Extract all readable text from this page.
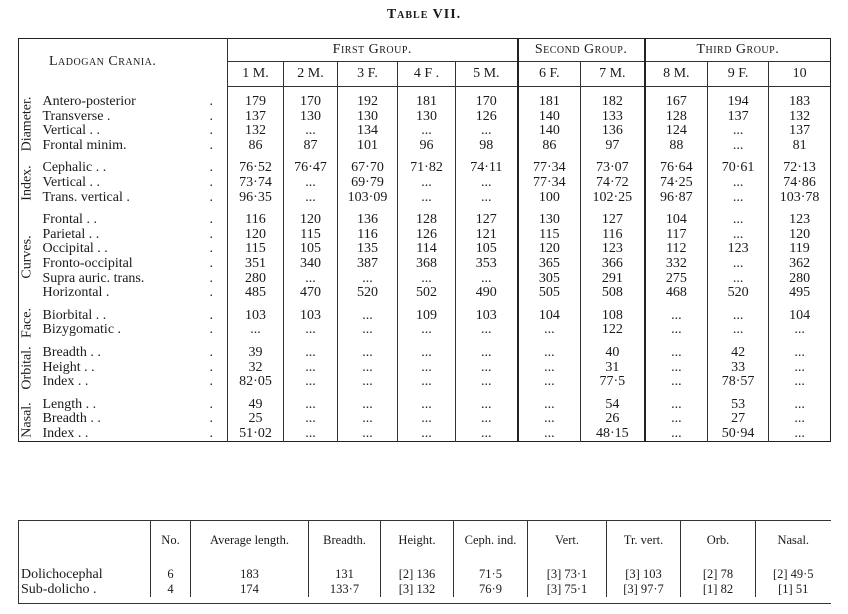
Table VII.
Ladogan Crania.		First Group.					Second Group.		Third Group.		
		1 M.	2 M.	3 F.	4 F .	5 M.	6 F.	7 M.	8 M.	9 F.	10

Diameter.	Antero-posterior .	179	170	192	181	170	181	182	167	194	183
	Transverse . .	137	130	130	130	126	140	133	128	137	132
	Vertical . . .	132	...	134	...	...	140	136	124	...	137
	Frontal minim. .	86	87	101	96	98	86	97	88	...	81

Index.	Cephalic . . .	76·52	76·47	67·70	71·82	74·11	77·34	73·07	76·64	70·61	72·13
	Vertical . . .	73·74	...	69·79	...	...	77·34	74·72	74·25	...	74·86
	Trans. vertical . .	96·35	...	103·09	...	...	100	102·25	96·87	...	103·78

Curves.	Frontal . . .	116	120	136	128	127	130	127	104	...	123
	Parietal . . .	120	115	116	126	121	115	116	117	...	120
	Occipital . . .	115	105	135	114	105	120	123	112	123	119
	Fronto-occipital .	351	340	387	368	353	365	366	332	...	362
	Supra auric. trans. .	280	...	...	...	...	305	291	275	...	280
	Horizontal . .	485	470	520	502	490	505	508	468	520	495

Face.	Biorbital . . .	103	103	...	109	103	104	108	...	...	104
	Bizygomatic . .	...	...	...	...	...	...	122	...	...	...

Orbital.	Breadth . . .	39	...	...	...	...	...	40	...	42	...
	Height . . .	32	...	...	...	...	...	31	...	33	...
	Index . . .	82·05	...	...	...	...	...	77·5	...	78·57	...

Nasal.	Length . . .	49	...	...	...	...	...	54	...	53	...
	Breadth . . .	25	...	...	...	...	...	26	...	27	...
	Index . . .	51·02	...	...	...	...	...	48·15	...	50·94	...
	No.	Average length.	Breadth.	Height.	Ceph. ind.	Vert.	Tr. vert.	Orb.	Nasal.
Dolichocephal	6	183	131	[2] 136	71·5	[3] 73·1	[3] 103	[2] 78	[2] 49·5
Sub-dolicho .	4	174	133·7	[3] 132	76·9	[3] 75·1	[3] 97·7	[1] 82	[1] 51
